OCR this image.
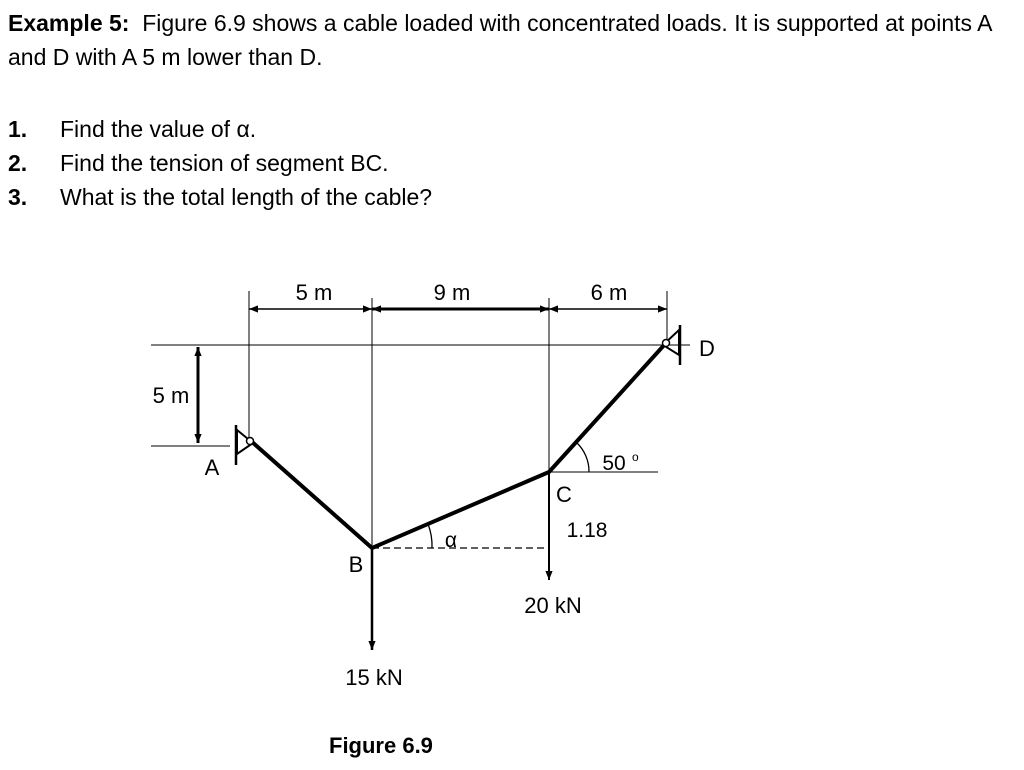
Example 5: Figure 6.9 shows a cable loaded with concentrated loads. It is supported at points A and D with A 5 m lower than D.

1. Find the value of α.
2. Find the tension of segment BC.
3. What is the total length of the cable?
5 m	9 m	6 m
5 m
A
B
C
D
α
50 o
1.18
15 kN
20 kN

Figure 6.9
